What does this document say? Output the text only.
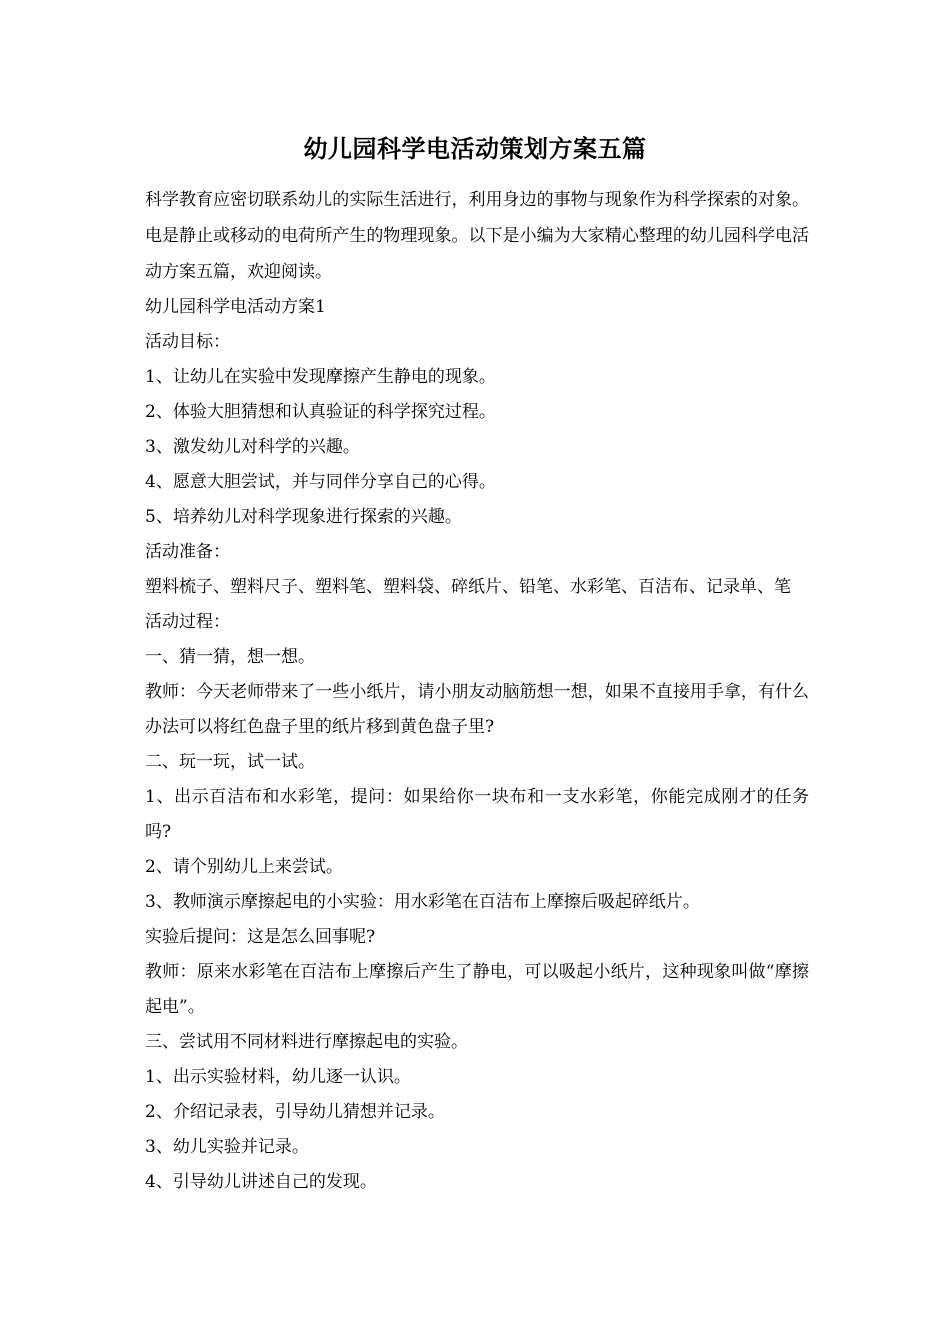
幼儿园科学电活动策划方案五篇

科学教育应密切联系幼儿的实际生活进行，利用身边的事物与现象作为科学探索的对象。电是静止或移动的电荷所产生的物理现象。以下是小编为大家精心整理的幼儿园科学电活动方案五篇，欢迎阅读。

幼儿园科学电活动方案1

活动目标：

1、让幼儿在实验中发现摩擦产生静电的现象。

2、体验大胆猜想和认真验证的科学探究过程。

3、激发幼儿对科学的兴趣。

4、愿意大胆尝试，并与同伴分享自己的心得。

5、培养幼儿对科学现象进行探索的兴趣。

活动准备：

塑料梳子、塑料尺子、塑料笔、塑料袋、碎纸片、铅笔、水彩笔、百洁布、记录单、笔

活动过程：

一、猜一猜，想一想。

教师：今天老师带来了一些小纸片，请小朋友动脑筋想一想，如果不直接用手拿，有什么办法可以将红色盘子里的纸片移到黄色盘子里?

二、玩一玩，试一试。

1、出示百洁布和水彩笔，提问：如果给你一块布和一支水彩笔，你能完成刚才的任务吗?

2、请个别幼儿上来尝试。

3、教师演示摩擦起电的小实验：用水彩笔在百洁布上摩擦后吸起碎纸片。

实验后提问：这是怎么回事呢?

教师：原来水彩笔在百洁布上摩擦后产生了静电，可以吸起小纸片，这种现象叫做“摩擦起电”。

三、尝试用不同材料进行摩擦起电的实验。

1、出示实验材料，幼儿逐一认识。

2、介绍记录表，引导幼儿猜想并记录。

3、幼儿实验并记录。

4、引导幼儿讲述自己的发现。
